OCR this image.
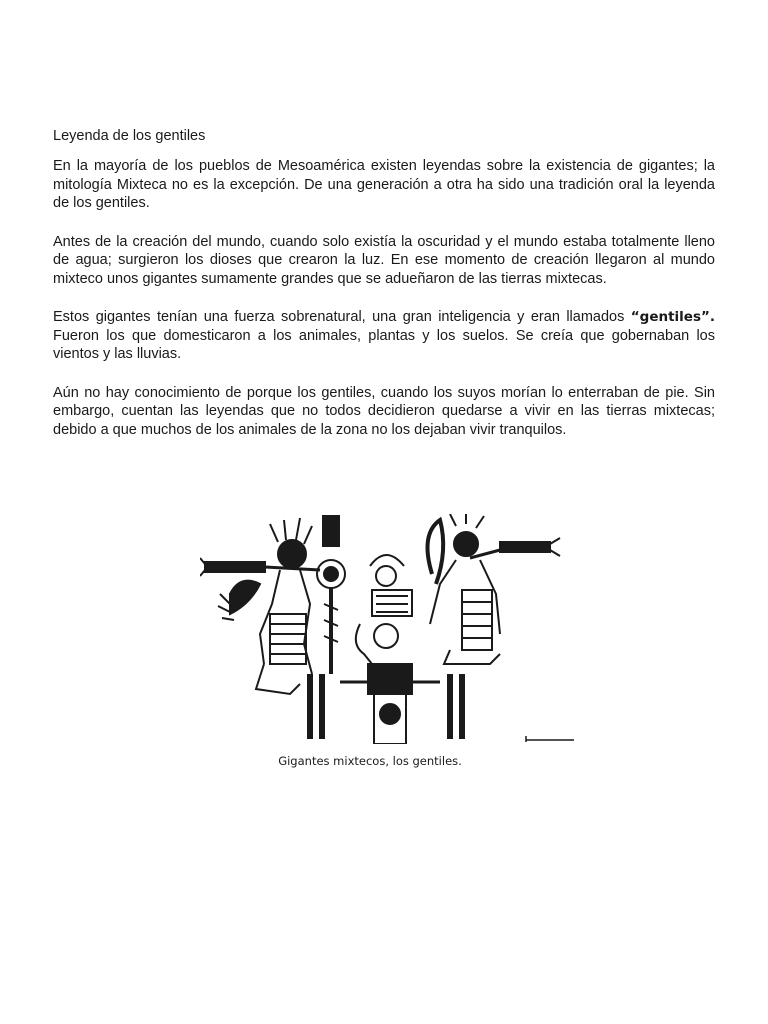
Leyenda de los gentiles

En la mayoría de los pueblos de Mesoamérica existen leyendas sobre la existencia de gigantes; la mitología Mixteca no es la excepción. De una generación a otra ha sido una tradición oral la leyenda de los gentiles.

Antes de la creación del mundo, cuando solo existía la oscuridad y el mundo estaba totalmente lleno de agua; surgieron los dioses que crearon la luz. En ese momento de creación llegaron al mundo mixteco unos gigantes sumamente grandes que se adueñaron de las tierras mixtecas.

Estos gigantes tenían una fuerza sobrenatural, una gran inteligencia y eran llamados “gentiles”. Fueron los que domesticaron a los animales, plantas y los suelos. Se creía que gobernaban los vientos y las lluvias.

Aún no hay conocimiento de porque los gentiles, cuando los suyos morían lo enterraban de pie. Sin embargo, cuentan las leyendas que no todos decidieron quedarse a vivir en las tierras mixtecas; debido a que muchos de los animales de la zona no los dejaban vivir tranquilos.

Gigantes mixtecos, los gentiles.
